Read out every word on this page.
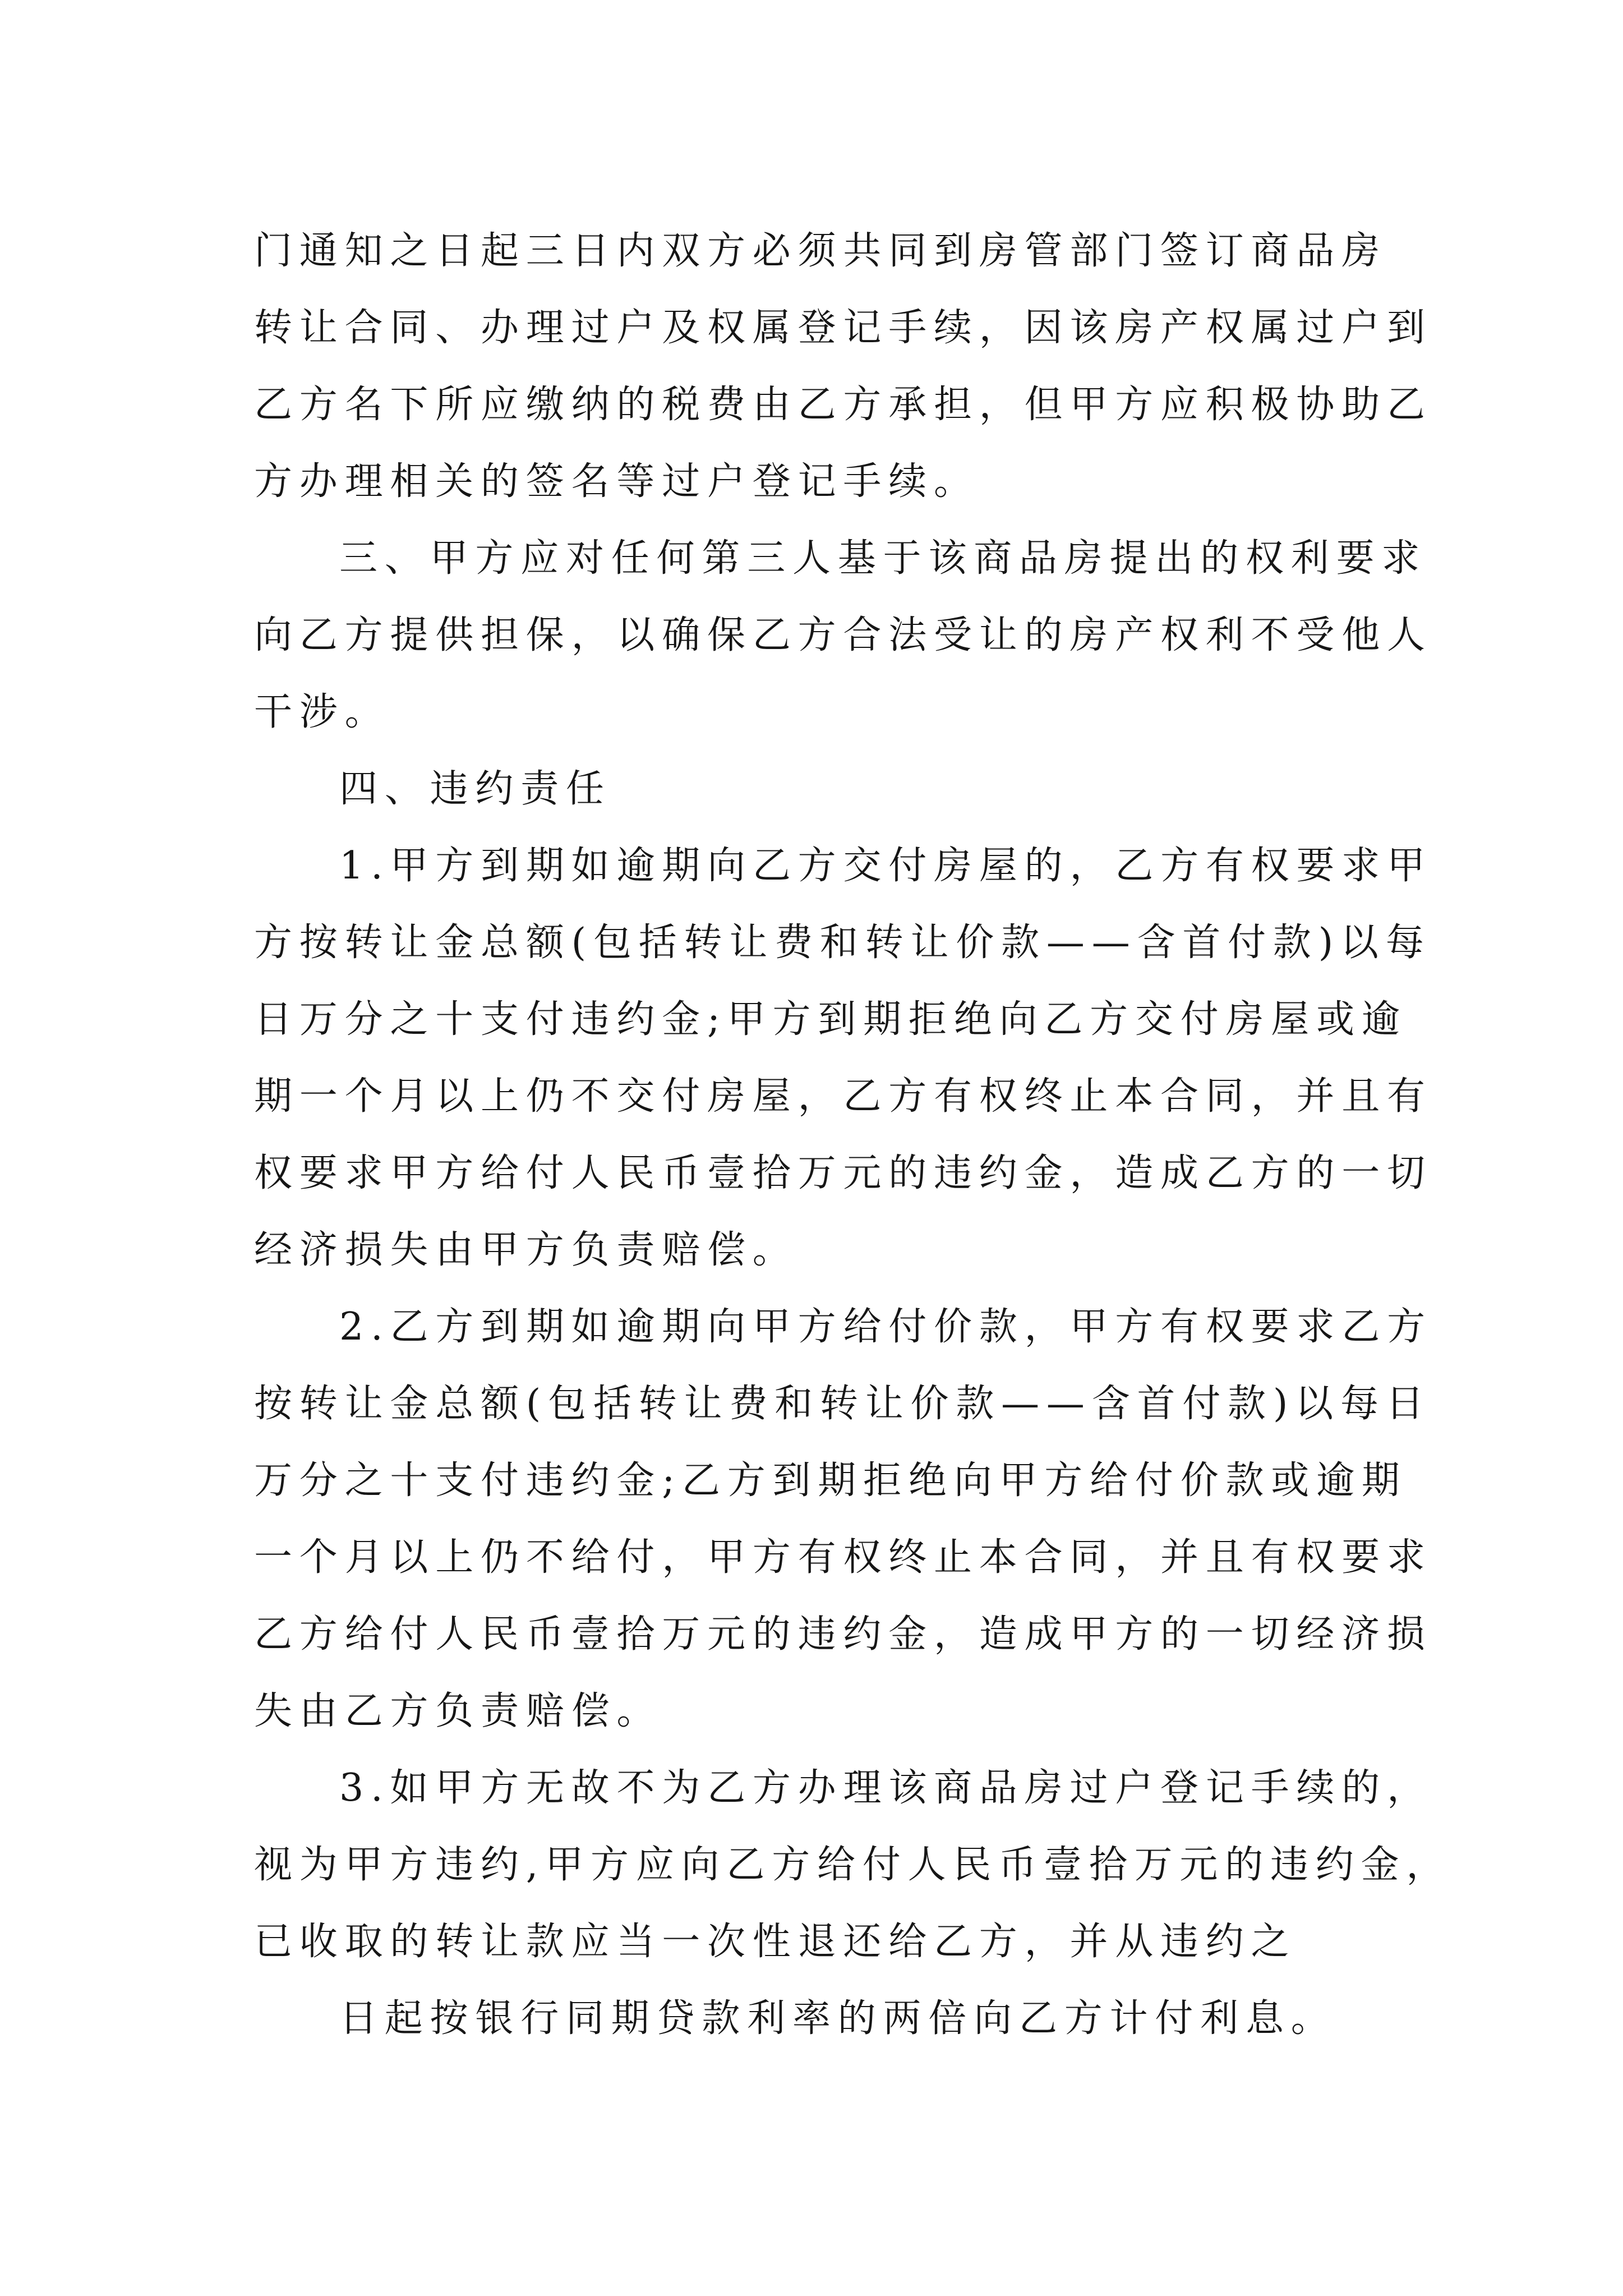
门通知之日起三日内双方必须共同到房管部门签订商品房
转让合同、办理过户及权属登记手续，因该房产权属过户到
乙方名下所应缴纳的税费由乙方承担，但甲方应积极协助乙
方办理相关的签名等过户登记手续。
三、甲方应对任何第三人基于该商品房提出的权利要求
向乙方提供担保，以确保乙方合法受让的房产权利不受他人
干涉。
四、违约责任
1.甲方到期如逾期向乙方交付房屋的，乙方有权要求甲
方按转让金总额(包括转让费和转让价款——含首付款)以每
日万分之十支付违约金;甲方到期拒绝向乙方交付房屋或逾
期一个月以上仍不交付房屋，乙方有权终止本合同，并且有
权要求甲方给付人民币壹拾万元的违约金，造成乙方的一切
经济损失由甲方负责赔偿。
2.乙方到期如逾期向甲方给付价款，甲方有权要求乙方
按转让金总额(包括转让费和转让价款——含首付款)以每日
万分之十支付违约金;乙方到期拒绝向甲方给付价款或逾期
一个月以上仍不给付，甲方有权终止本合同，并且有权要求
乙方给付人民币壹拾万元的违约金，造成甲方的一切经济损
失由乙方负责赔偿。
3.如甲方无故不为乙方办理该商品房过户登记手续的，
视为甲方违约,甲方应向乙方给付人民币壹拾万元的违约金，
已收取的转让款应当一次性退还给乙方，并从违约之
日起按银行同期贷款利率的两倍向乙方计付利息。
